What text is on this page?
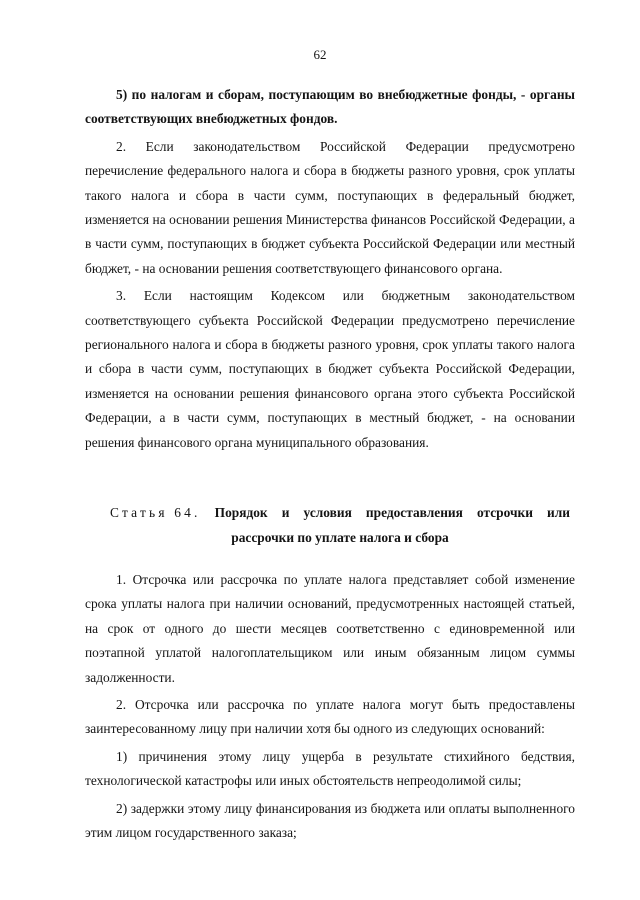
62

5) по налогам и сборам, поступающим во внебюджетные фонды, - органы соответствующих внебюджетных фондов.

2. Если законодательством Российской Федерации предусмотрено перечисление федерального налога и сбора в бюджеты разного уровня, срок уплаты такого налога и сбора в части сумм, поступающих в федеральный бюджет, изменяется на основании решения Министерства финансов Российской Федерации, а в части сумм, поступающих в бюджет субъекта Российской Федерации или местный бюджет, - на основании решения соответствующего финансового органа.

3. Если настоящим Кодексом или бюджетным законодательством соответствующего субъекта Российской Федерации предусмотрено перечисление регионального налога и сбора в бюджеты разного уровня, срок уплаты такого налога и сбора в части сумм, поступающих в бюджет субъекта Российской Федерации, изменяется на основании решения финансового органа этого субъекта Российской Федерации, а в части сумм, поступающих в местный бюджет, - на основании решения финансового органа муниципального образования.

Статья 64. Порядок и условия предоставления отсрочки или
рассрочки по уплате налога и сбора

1. Отсрочка или рассрочка по уплате налога представляет собой изменение срока уплаты налога при наличии оснований, предусмотренных настоящей статьей, на срок от одного до шести месяцев соответственно с единовременной или поэтапной уплатой налогоплательщиком или иным обязанным лицом суммы задолженности.

2. Отсрочка или рассрочка по уплате налога могут быть предоставлены заинтересованному лицу при наличии хотя бы одного из следующих оснований:

1) причинения этому лицу ущерба в результате стихийного бедствия, технологической катастрофы или иных обстоятельств непреодолимой силы;

2) задержки этому лицу финансирования из бюджета или оплаты выполненного этим лицом государственного заказа;
